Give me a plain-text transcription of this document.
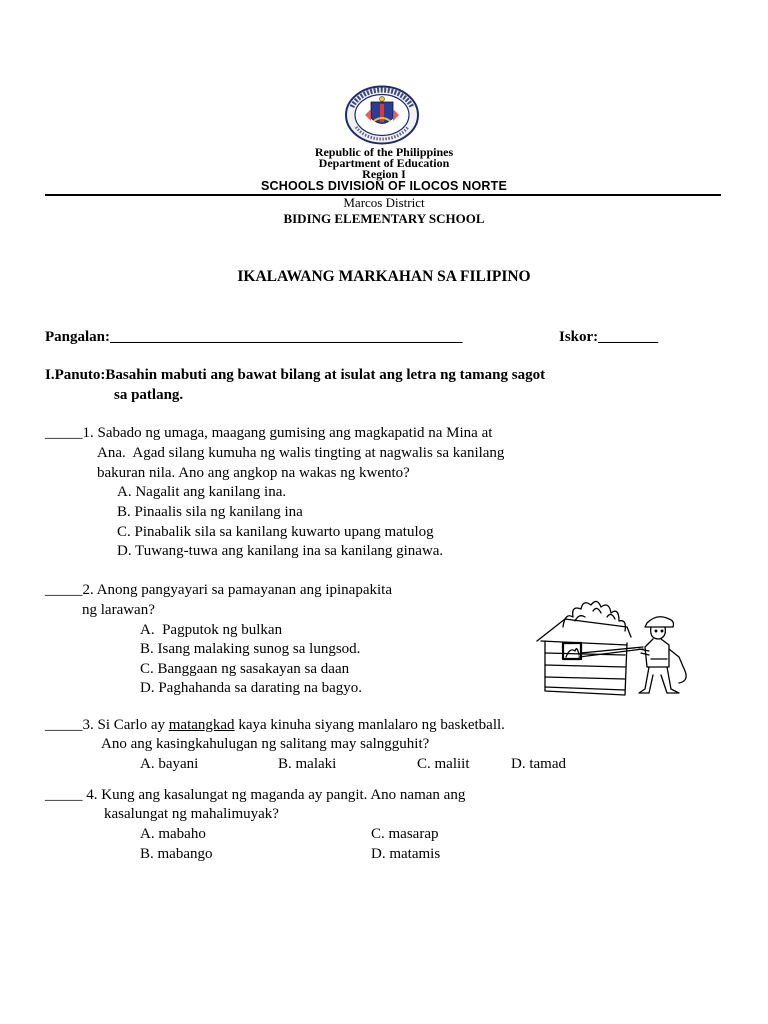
Republic of the Philippines
Department of Education
Region I
SCHOOLS DIVISION OF ILOCOS NORTE
Marcos District
BIDING ELEMENTARY SCHOOL
IKALAWANG MARKAHAN SA FILIPINO
Pangalan:_______________________________________________	Iskor:________
I.Panuto:Basahin mabuti ang bawat bilang at isulat ang letra ng tamang sagot
sa patlang.
_____1. Sabado ng umaga, maagang gumising ang magkapatid na Mina at
Ana.  Agad silang kumuha ng walis tingting at nagwalis sa kanilang
bakuran nila. Ano ang angkop na wakas ng kwento?
A. Nagalit ang kanilang ina.
B. Pinaalis sila ng kanilang ina
C. Pinabalik sila sa kanilang kuwarto upang matulog
D. Tuwang-tuwa ang kanilang ina sa kanilang ginawa.
_____2. Anong pangyayari sa pamayanan ang ipinapakita
ng larawan?
A.  Pagputok ng bulkan
B. Isang malaking sunog sa lungsod.
C. Banggaan ng sasakayan sa daan
D. Paghahanda sa darating na bagyo.
_____3. Si Carlo ay matangkad kaya kinuha siyang manlalaro ng basketball.
Ano ang kasingkahulugan ng salitang may salngguhit?
A. bayani	B. malaki	C. maliit	D. tamad
_____ 4. Kung ang kasalungat ng maganda ay pangit. Ano naman ang
kasalungat ng mahalimuyak?
A. mabaho	C. masarap
B. mabango	D. matamis
